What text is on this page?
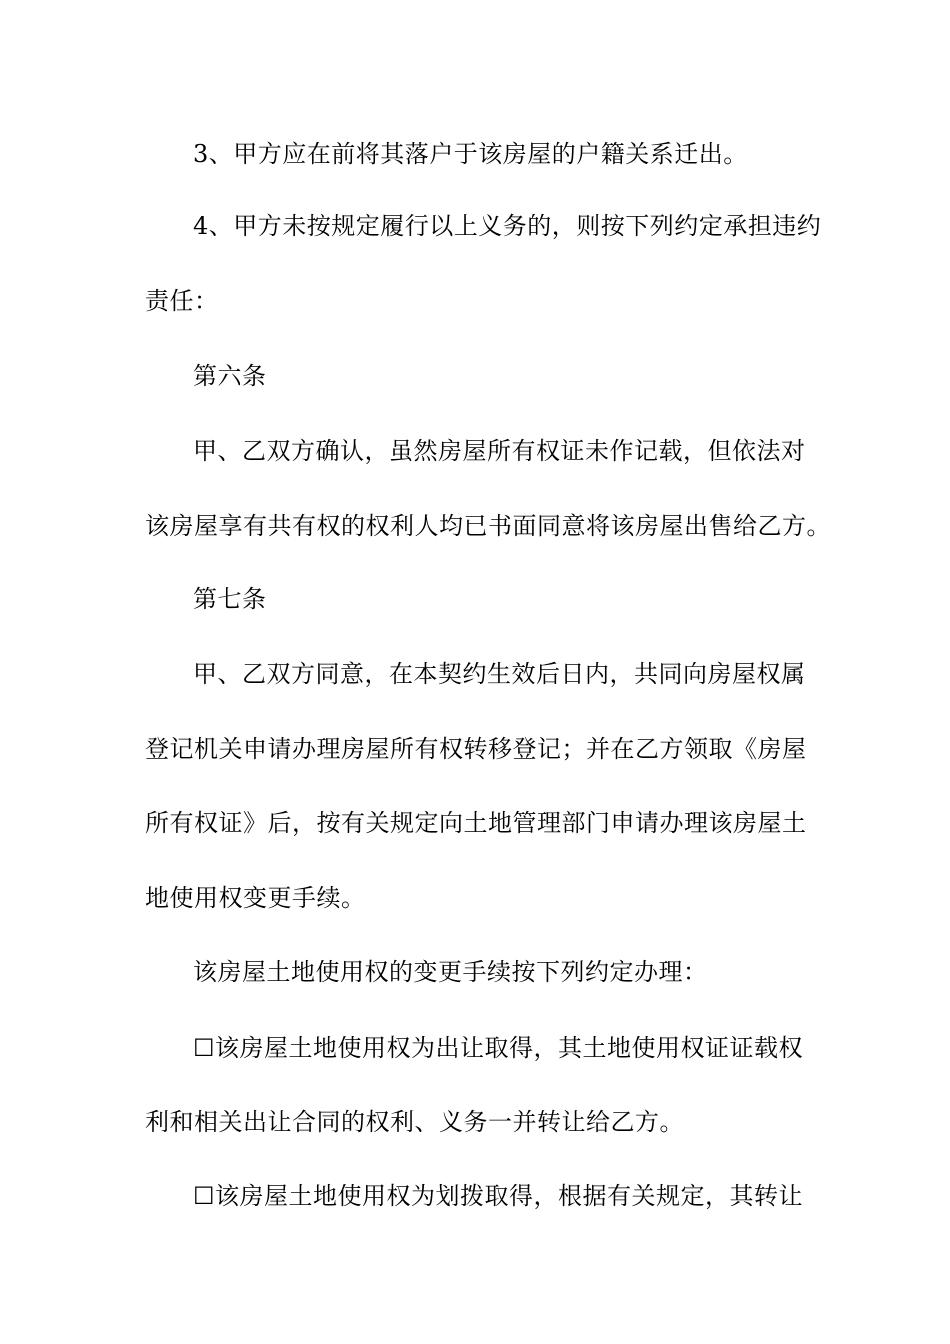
3、甲方应在前将其落户于该房屋的户籍关系迁出。
4、甲方未按规定履行以上义务的，则按下列约定承担违约
责任：
第六条
甲、乙双方确认，虽然房屋所有权证未作记载，但依法对
该房屋享有共有权的权利人均已书面同意将该房屋出售给乙方。
第七条
甲、乙双方同意，在本契约生效后日内，共同向房屋权属
登记机关申请办理房屋所有权转移登记；并在乙方领取《房屋
所有权证》后，按有关规定向土地管理部门申请办理该房屋土
地使用权变更手续。
该房屋土地使用权的变更手续按下列约定办理：
☐该房屋土地使用权为出让取得，其土地使用权证证载权
利和相关出让合同的权利、义务一并转让给乙方。
☐该房屋土地使用权为划拨取得，根据有关规定，其转让
